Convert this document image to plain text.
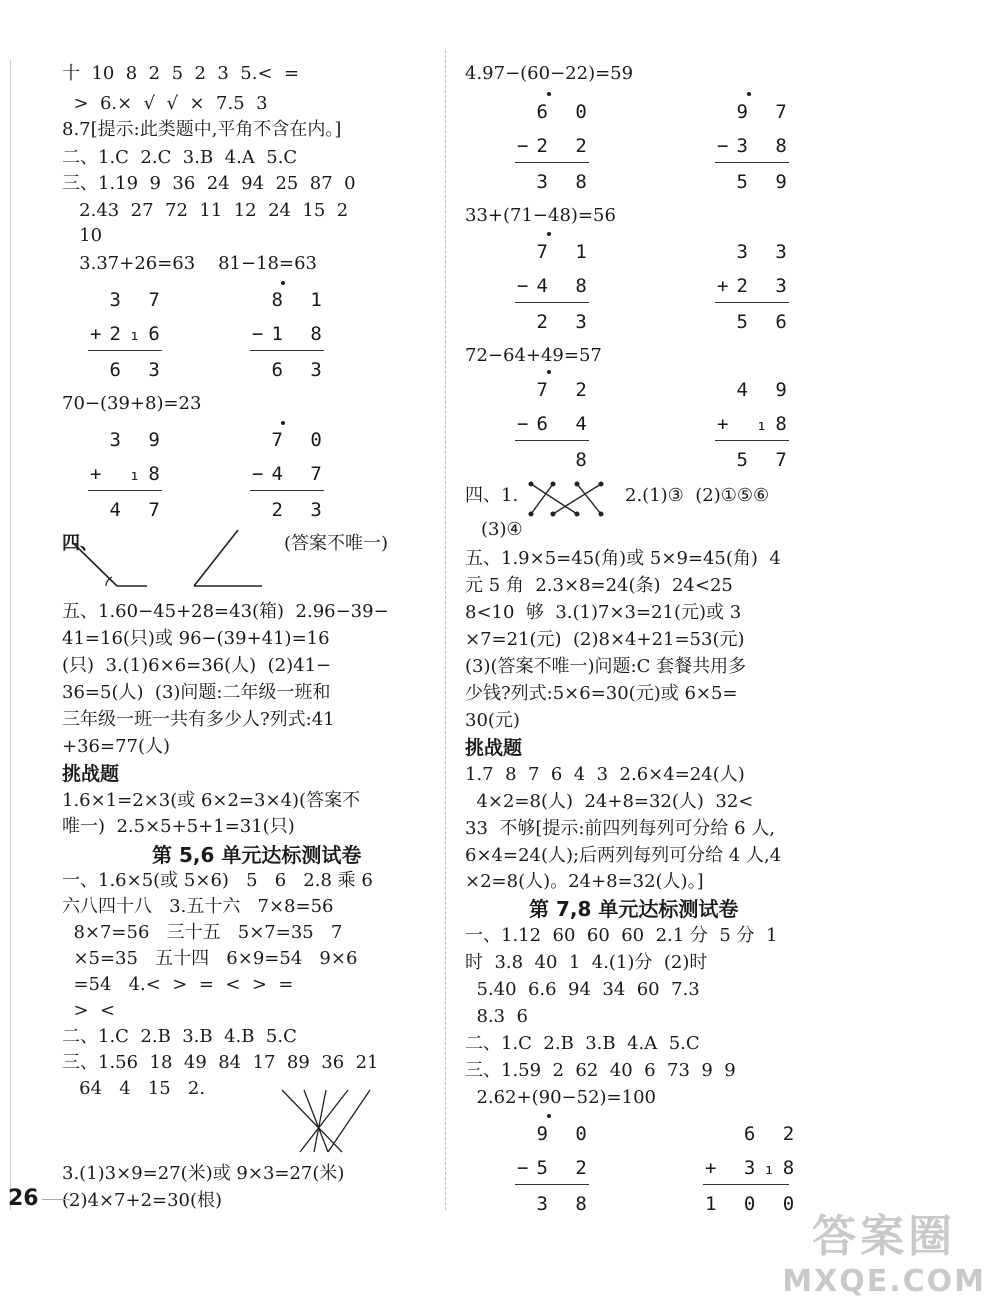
十  10  8  2  5  2  3  5.<  =
>  6.×  √  √  ×  7.5  3
8.7[提示:此类题中,平角不含在内。]
二、1.C  2.C  3.B  4.A  5.C
三、1.19  9  36  24  94  25  87  0
2.43  27  72  11  12  24  15  2
10
3.37+26=63    81−18=63
3 7
+2₁6
6 3
8 1
−1 8
6 3
70−(39+8)=23
3 9
+ ₁8
4 7
7 0
−4 7
2 3
四、	(答案不唯一)
五、1.60−45+28=43(箱)  2.96−39−
41=16(只)或 96−(39+41)=16
(只)  3.(1)6×6=36(人)  (2)41−
36=5(人)  (3)问题:二年级一班和
三年级一班一共有多少人?列式:41
+36=77(人)
挑战题
1.6×1=2×3(或 6×2=3×4)(答案不
唯一)  2.5×5+5+1=31(只)
第 5,6 单元达标测试卷
一、1.6×5(或 5×6)   5   6   2.8 乘 6
六八四十八   3.五十六   7×8=56
8×7=56   三十五   5×7=35   7
×5=35   五十四   6×9=54   9×6
=54   4.<  >  =  <  >  =
>  <
二、1.C  2.B  3.B  4.B  5.C
三、1.56  18  49  84  17  89  36  21
64   4   15   2.
3.(1)3×9=27(米)或 9×3=27(米)
(2)4×7+2=30(根)
4.97−(60−22)=59
6 0
−2 2
3 8
9 7
−3 8
5 9
33+(71−48)=56
7 1
−4 8
2 3
3 3
+2 3
5 6
72−64+49=57
7 2
−6 4
8
4 9
+ ₁8
5 7
四、1.	2.(1)③  (2)①⑤⑥
(3)④
五、1.9×5=45(角)或 5×9=45(角)  4
元 5 角  2.3×8=24(条)  24<25
8<10  够  3.(1)7×3=21(元)或 3
×7=21(元)  (2)8×4+21=53(元)
(3)(答案不唯一)问题:C 套餐共用多
少钱?列式:5×6=30(元)或 6×5=
30(元)
挑战题
1.7  8  7  6  4  3  2.6×4=24(人)
4×2=8(人)  24+8=32(人)  32<
33  不够[提示:前四列每列可分给 6 人,
6×4=24(人);后两列每列可分给 4 人,4
×2=8(人)。24+8=32(人)。]
第 7,8 单元达标测试卷
一、1.12  60  60  60  2.1 分  5 分  1
时  3.8  40  1  4.(1)分  (2)时
5.40  6.6  94  34  60  7.3
8.3  6
二、1.C  2.B  3.B  4.A  5.C
三、1.59  2  62  40  6  73  9  9
2.62+(90−52)=100
9 0
−5 2
3 8
6 2
+ 3₁8
1 0 0
26
答案圈
MXQE.COM
